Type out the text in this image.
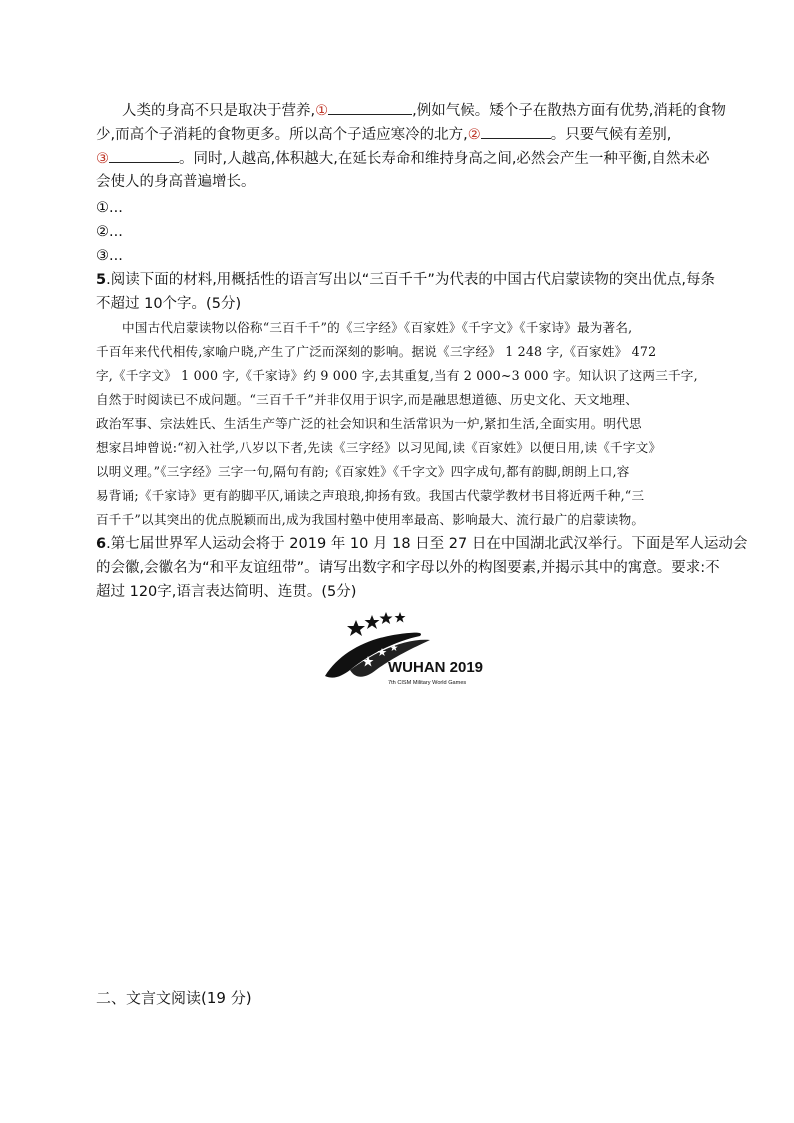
人类的身高不只是取决于营养,①	,例如气候。矮个子在散热方面有优势,消耗的食物
少,而高个子消耗的食物更多。所以高个子适应寒冷的北方,②	。只要气候有差别,
③	。同时,人越高,体积越大,在延长寿命和维持身高之间,必然会产生一种平衡,自然未必
会使人的身高普遍增长。
①...
②...
③...
5.阅读下面的材料,用概括性的语言写出以“三百千千”为代表的中国古代启蒙读物的突出优点,每条
不超过 10个字。(5分)
中国古代启蒙读物以俗称“三百千千”的《三字经》《百家姓》《千字文》《千家诗》最为著名,
千百年来代代相传,家喻户晓,产生了广泛而深刻的影响。据说《三字经》 1 248 字,《百家姓》 472
字,《千字文》 1 000 字,《千家诗》约 9 000 字,去其重复,当有 2 000~3 000 字。知认识了这两三千字,
自然于时阅读已不成问题。“三百千千”并非仅用于识字,而是融思想道德、历史文化、天文地理、
政治军事、宗法姓氏、生活生产等广泛的社会知识和生活常识为一炉,紧扣生活,全面实用。明代思
想家吕坤曾说:“初入社学,八岁以下者,先读《三字经》以习见闻,读《百家姓》以便日用,读《千字文》
以明义理。”《三字经》三字一句,隔句有韵;《百家姓》《千字文》四字成句,都有韵脚,朗朗上口,容
易背诵;《千家诗》更有韵脚平仄,诵读之声琅琅,抑扬有致。我国古代蒙学教材书目将近两千种,“三
百千千”以其突出的优点脱颖而出,成为我国村塾中使用率最高、影响最大、流行最广的启蒙读物。
6.第七届世界军人运动会将于 2019 年 10 月 18 日至 27 日在中国湖北武汉举行。下面是军人运动会
的会徽,会徽名为“和平友谊纽带”。请写出数字和字母以外的构图要素,并揭示其中的寓意。要求:不
超过 120字,语言表达简明、连贯。(5分)
WUHAN 2019
7th CISM Military World Games
二、文言文阅读(19 分)
